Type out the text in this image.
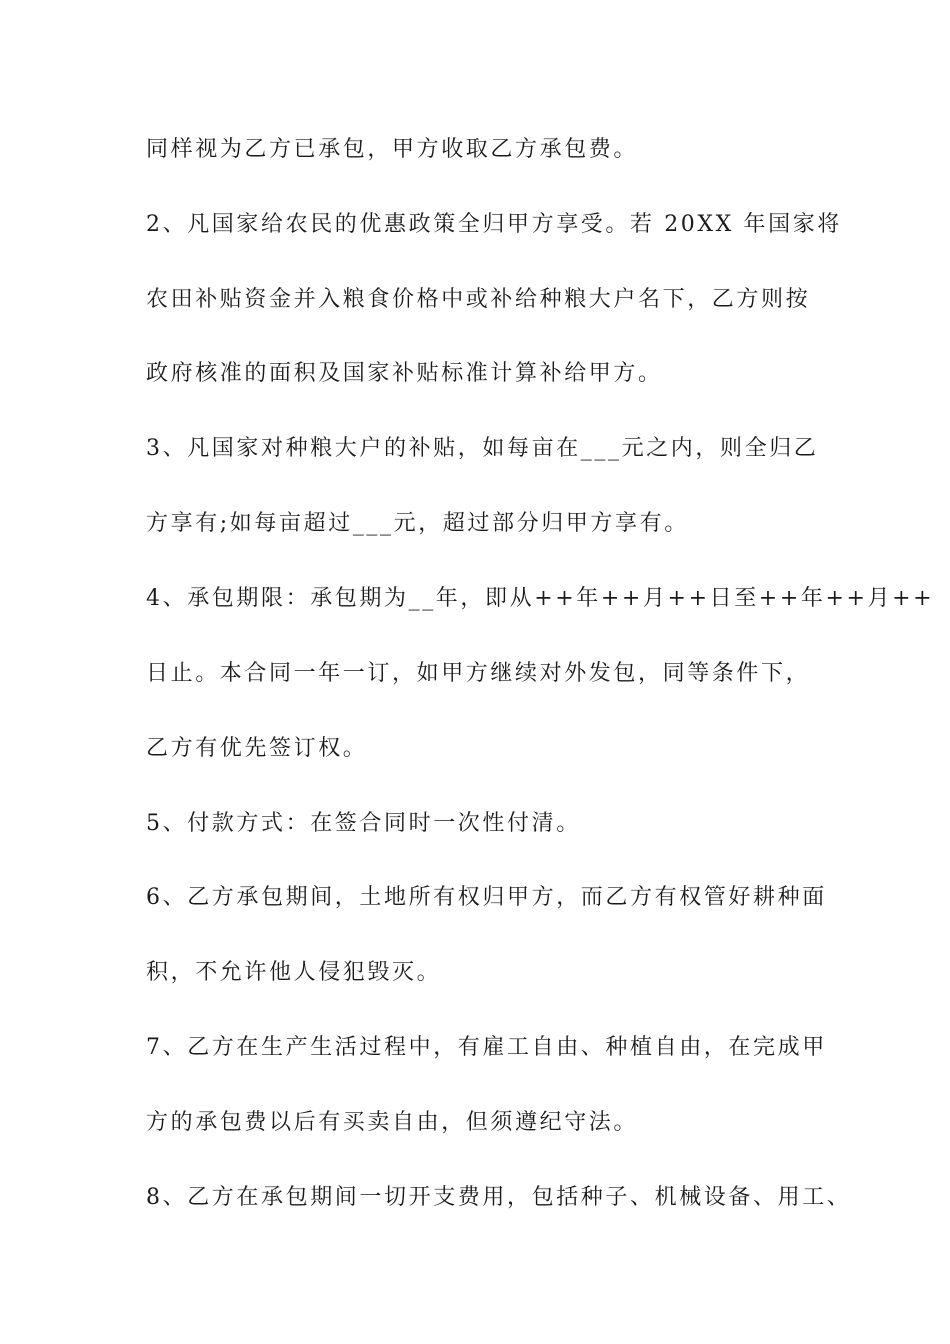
同样视为乙方已承包，甲方收取乙方承包费。
2、凡国家给农民的优惠政策全归甲方享受。若 20XX 年国家将
农田补贴资金并入粮食价格中或补给种粮大户名下，乙方则按
政府核准的面积及国家补贴标准计算补给甲方。
3、凡国家对种粮大户的补贴，如每亩在___元之内，则全归乙
方享有;如每亩超过___元，超过部分归甲方享有。
4、承包期限：承包期为__年，即从++年++月++日至++年++月++
日止。本合同一年一订，如甲方继续对外发包，同等条件下，
乙方有优先签订权。
5、付款方式：在签合同时一次性付清。
6、乙方承包期间，土地所有权归甲方，而乙方有权管好耕种面
积，不允许他人侵犯毁灭。
7、乙方在生产生活过程中，有雇工自由、种植自由，在完成甲
方的承包费以后有买卖自由，但须遵纪守法。
8、乙方在承包期间一切开支费用，包括种子、机械设备、用工、
